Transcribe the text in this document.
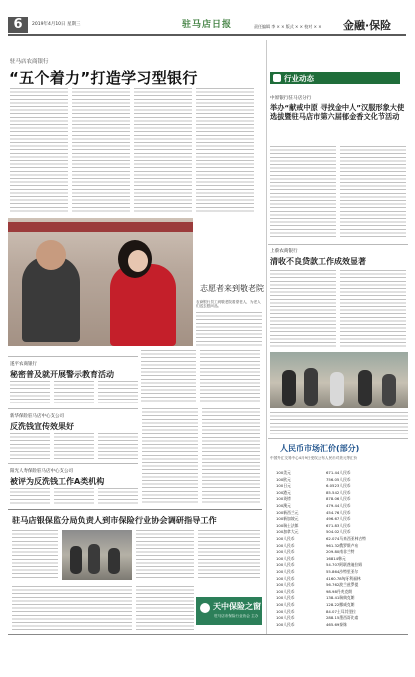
6	2019年4月10日 星期三	驻马店日报	责任编辑 李 × × 版式 × × 校对 × × 金融·保险
驻马店农商银行
“五个着力”打造学习型银行
志愿者来到敬老院
农商银行员工到敬老院看望老人，为老人们送去慰问品。
遂平农商银行
秘密普及就开展警示教育活动
新华保险驻马店中心支公司
反洗钱宣传效果好
阳光人寿保险驻马店中心支公司
被评为反洗钱工作A类机构
驻马店银保监分局负责人到市保险行业协会调研指导工作
天中保险之窗
驻马店市保险行业协会 主办
行业动态
中原银行驻马店分行
举办“献戒中原 寻找金中人”汉服形象大使选拔暨驻马店市第六届郁金香文化节活动
上蔡农商银行
清收不良贷款工作成效显著
人民币市场汇价(部分)
中国外汇交易中心4月9日受权公布人民币对美元等汇价
100美元	671.44人民币
100欧元	756.05人民币
100日元	6.0523人民币
100港元	85.542人民币
100英镑	878.06人民币
100澳元	479.44人民币
100新西兰元	454.76人民币
100新加坡元	496.67人民币
100瑞士法郎	671.83人民币
100加拿大元	504.02人民币
100人民币	62.074马来西亚林吉特
100人民币	961.32俄罗斯卢布
100人民币	209.80南非兰特
100人民币	16814韩元
100人民币	54.707阿联酋迪拉姆
100人民币	55.864沙特里亚尔
100人民币	4160.78匈牙利福林
100人民币	56.762波兰兹罗提
100人民币	98.98丹麦克朗
100人民币	138.41瑞典克朗
100人民币	128.22挪威克朗
100人民币	84.07土耳其里拉
100人民币	288.15墨西哥比索
100人民币	465.69泰铢
